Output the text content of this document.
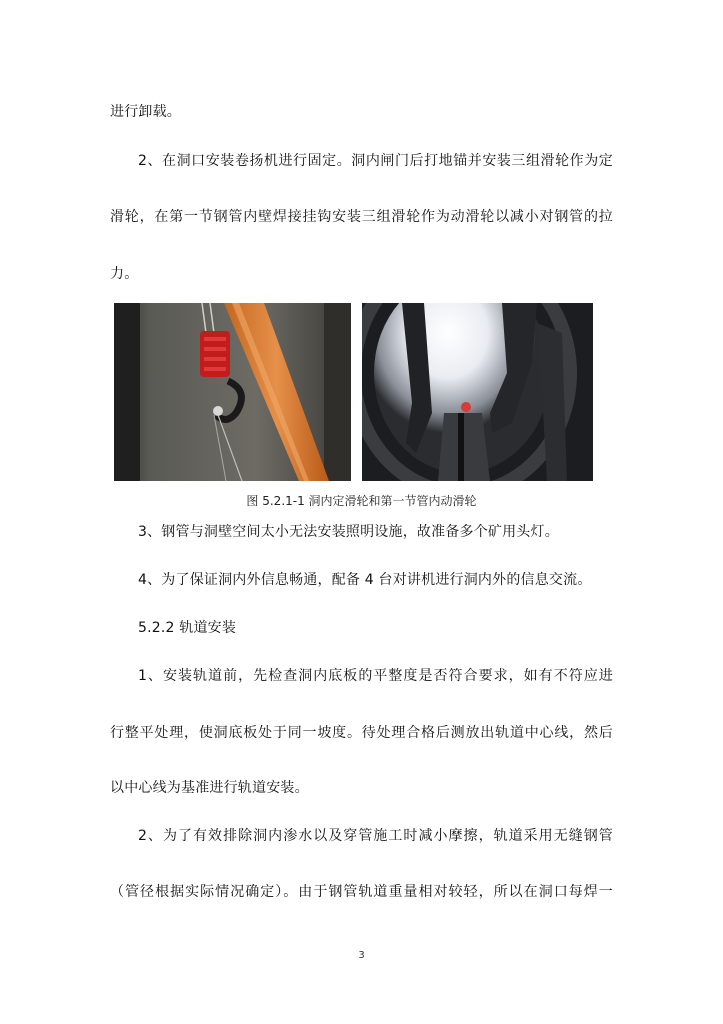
进行卸载。
2、在洞口安装卷扬机进行固定。洞内闸门后打地锚并安装三组滑轮作为定
滑轮，在第一节钢管内壁焊接挂钩安装三组滑轮作为动滑轮以减小对钢管的拉
力。
图 5.2.1-1 洞内定滑轮和第一节管内动滑轮
3、钢管与洞壁空间太小无法安装照明设施，故准备多个矿用头灯。
4、为了保证洞内外信息畅通，配备 4 台对讲机进行洞内外的信息交流。
5.2.2 轨道安装
1、安装轨道前，先检查洞内底板的平整度是否符合要求，如有不符应进
行整平处理，使洞底板处于同一坡度。待处理合格后测放出轨道中心线，然后
以中心线为基准进行轨道安装。
2、为了有效排除洞内渗水以及穿管施工时减小摩擦，轨道采用无缝钢管
（管径根据实际情况确定）。由于钢管轨道重量相对较轻，所以在洞口每焊一
3
